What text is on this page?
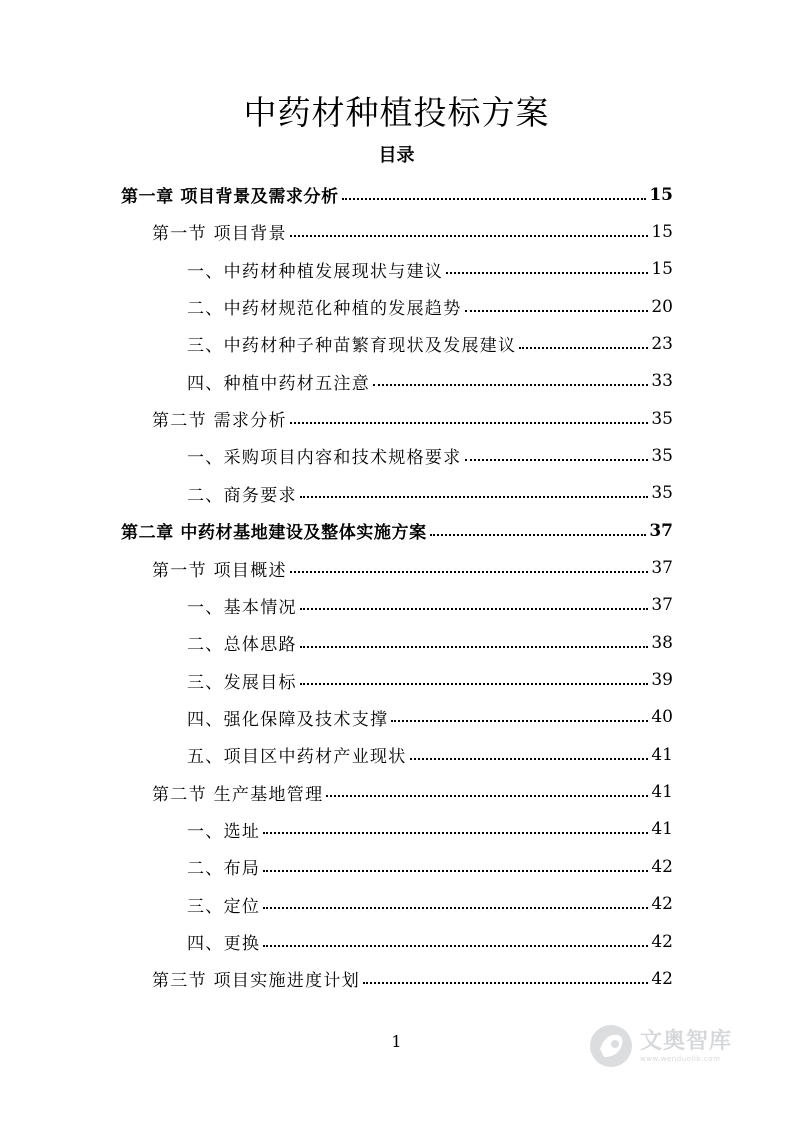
中药材种植投标方案
目录
第一章 项目背景及需求分析	15
第一节 项目背景	15
一、中药材种植发展现状与建议	15
二、中药材规范化种植的发展趋势	20
三、中药材种子种苗繁育现状及发展建议	23
四、种植中药材五注意	33
第二节 需求分析	35
一、采购项目内容和技术规格要求	35
二、商务要求	35
第二章 中药材基地建设及整体实施方案	37
第一节 项目概述	37
一、基本情况	37
二、总体思路	38
三、发展目标	39
四、强化保障及技术支撑	40
五、项目区中药材产业现状	41
第二节 生产基地管理	41
一、选址	41
二、布局	42
三、定位	42
四、更换	42
第三节 项目实施进度计划	42
1	文奥智库
www.wenduolib.com
